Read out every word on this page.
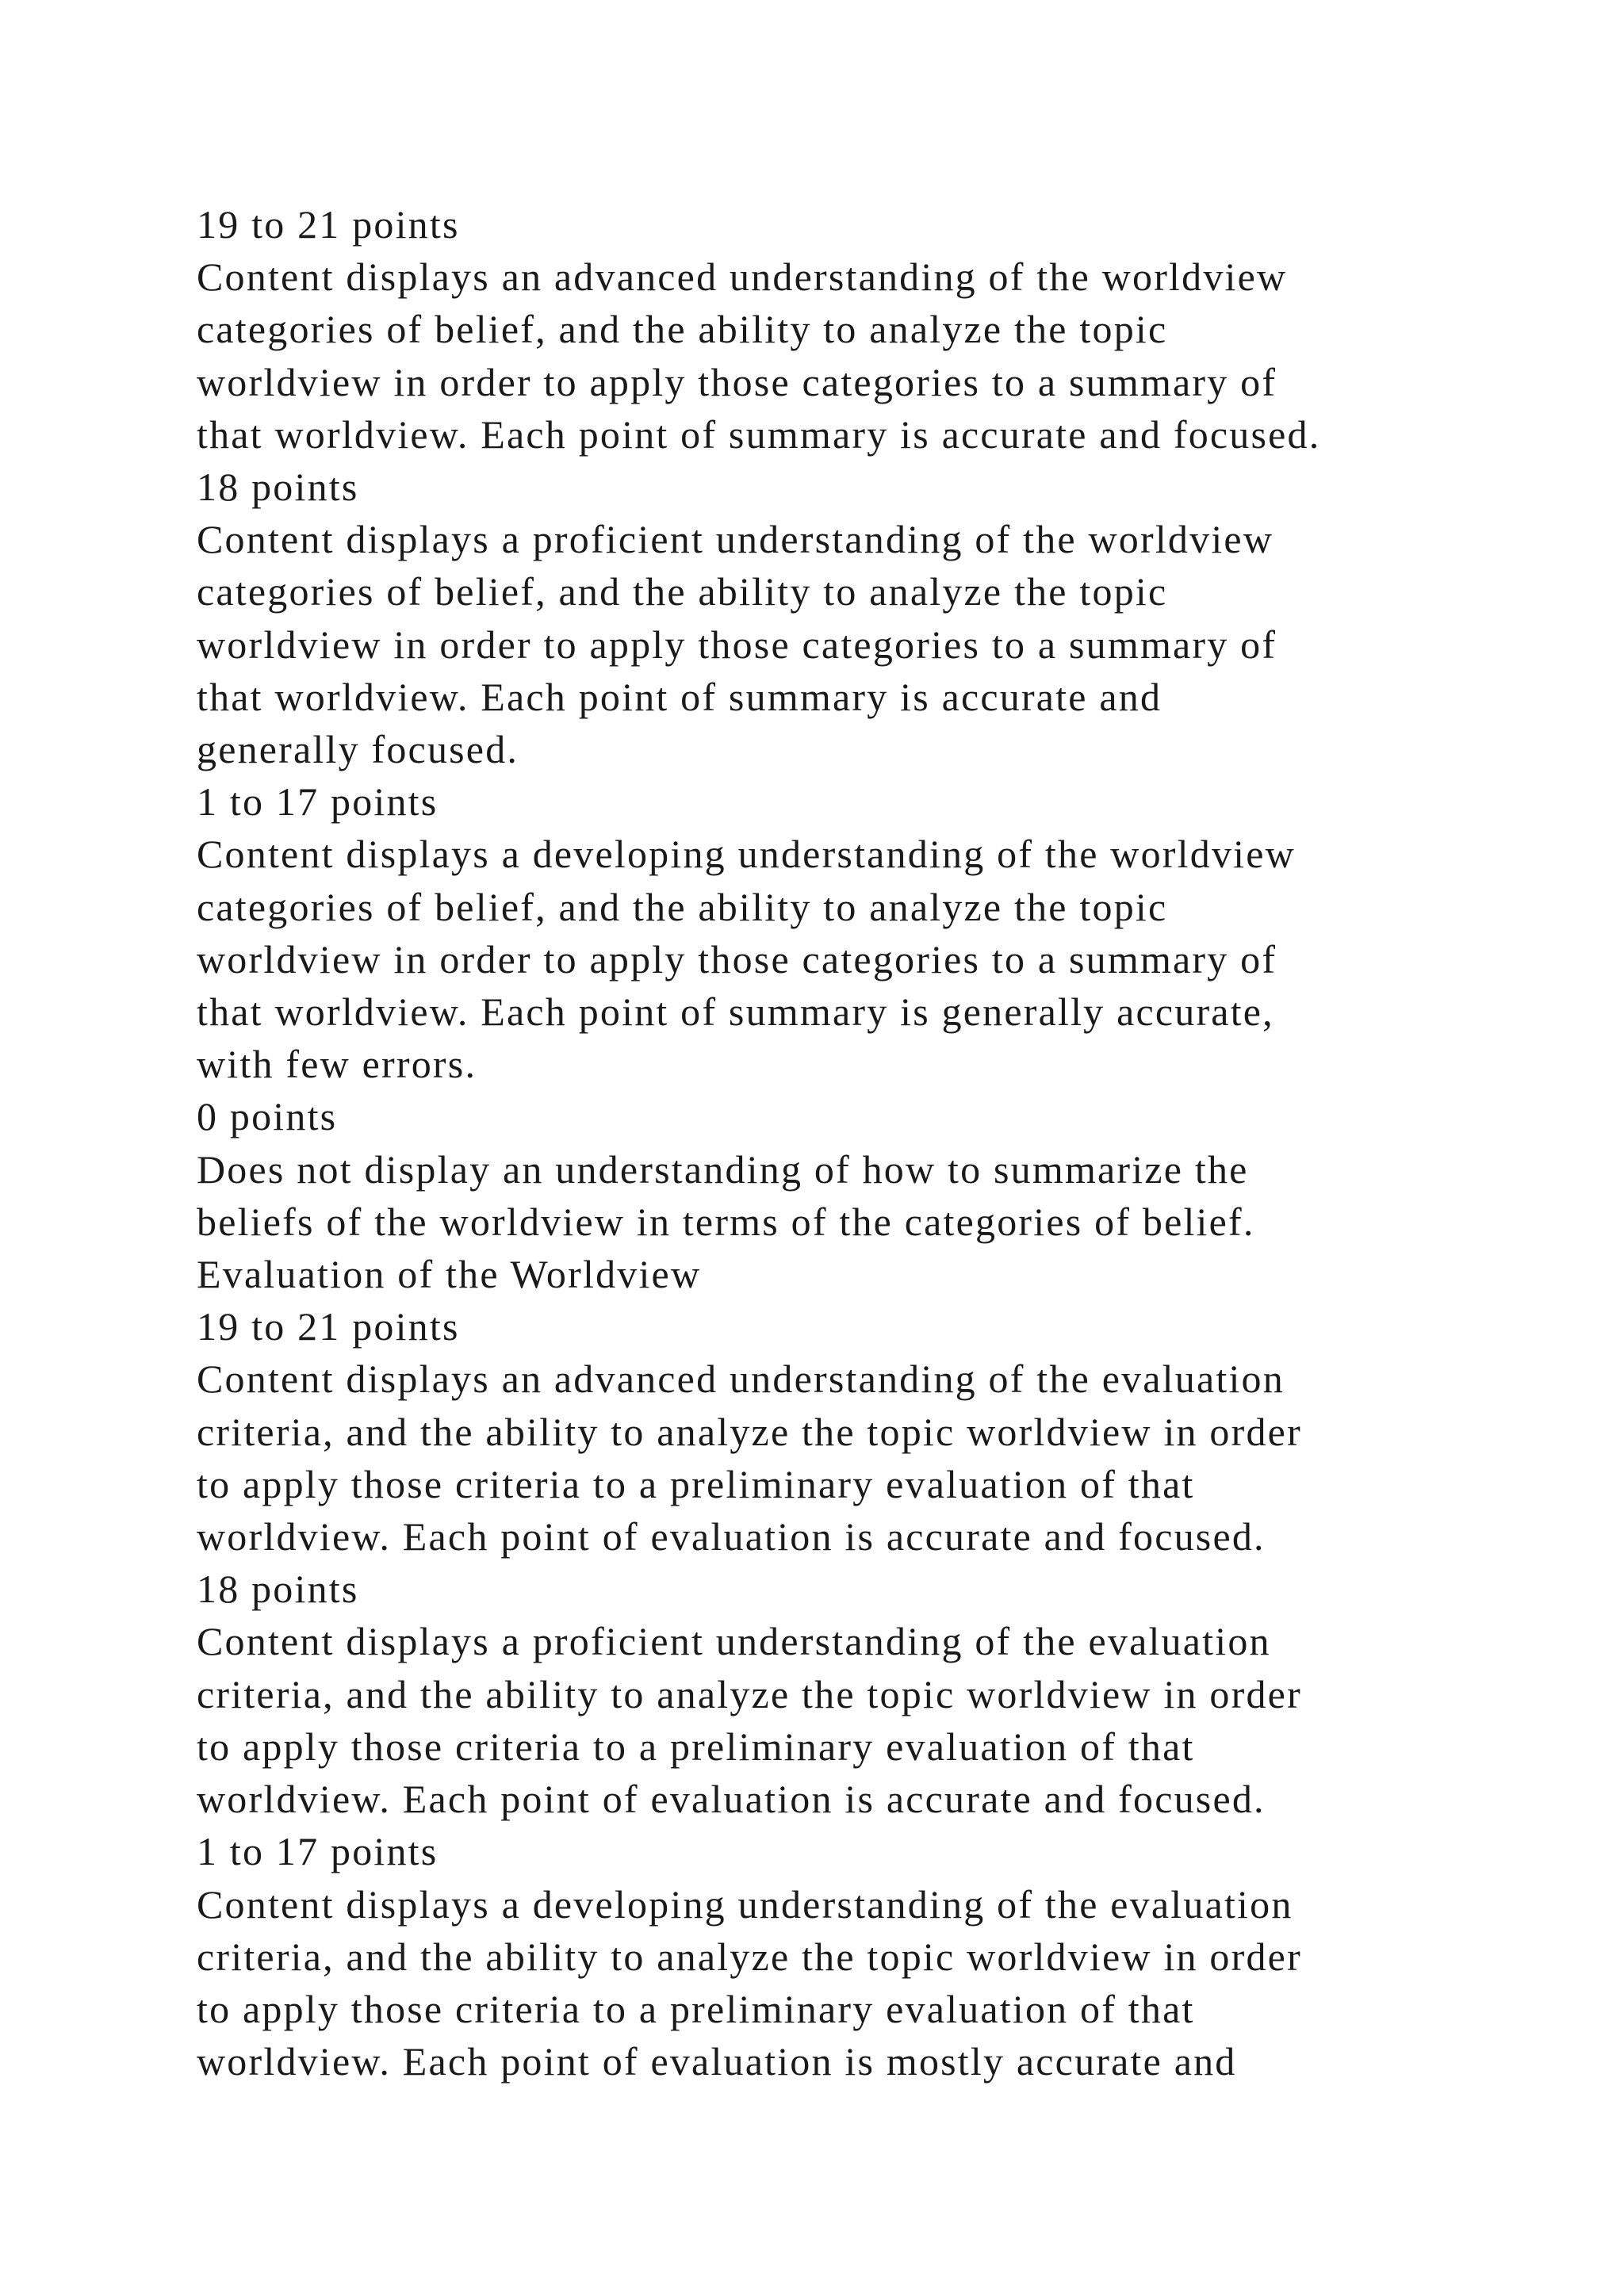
19 to 21 points
Content displays an advanced understanding of the worldview
categories of belief, and the ability to analyze the topic
worldview in order to apply those categories to a summary of
that worldview. Each point of summary is accurate and focused.
18 points
Content displays a proficient understanding of the worldview
categories of belief, and the ability to analyze the topic
worldview in order to apply those categories to a summary of
that worldview. Each point of summary is accurate and
generally focused.
1 to 17 points
Content displays a developing understanding of the worldview
categories of belief, and the ability to analyze the topic
worldview in order to apply those categories to a summary of
that worldview. Each point of summary is generally accurate,
with few errors.
0 points
Does not display an understanding of how to summarize the
beliefs of the worldview in terms of the categories of belief.
Evaluation of the Worldview
19 to 21 points
Content displays an advanced understanding of the evaluation
criteria, and the ability to analyze the topic worldview in order
to apply those criteria to a preliminary evaluation of that
worldview. Each point of evaluation is accurate and focused.
18 points
Content displays a proficient understanding of the evaluation
criteria, and the ability to analyze the topic worldview in order
to apply those criteria to a preliminary evaluation of that
worldview. Each point of evaluation is accurate and focused.
1 to 17 points
Content displays a developing understanding of the evaluation
criteria, and the ability to analyze the topic worldview in order
to apply those criteria to a preliminary evaluation of that
worldview. Each point of evaluation is mostly accurate and
